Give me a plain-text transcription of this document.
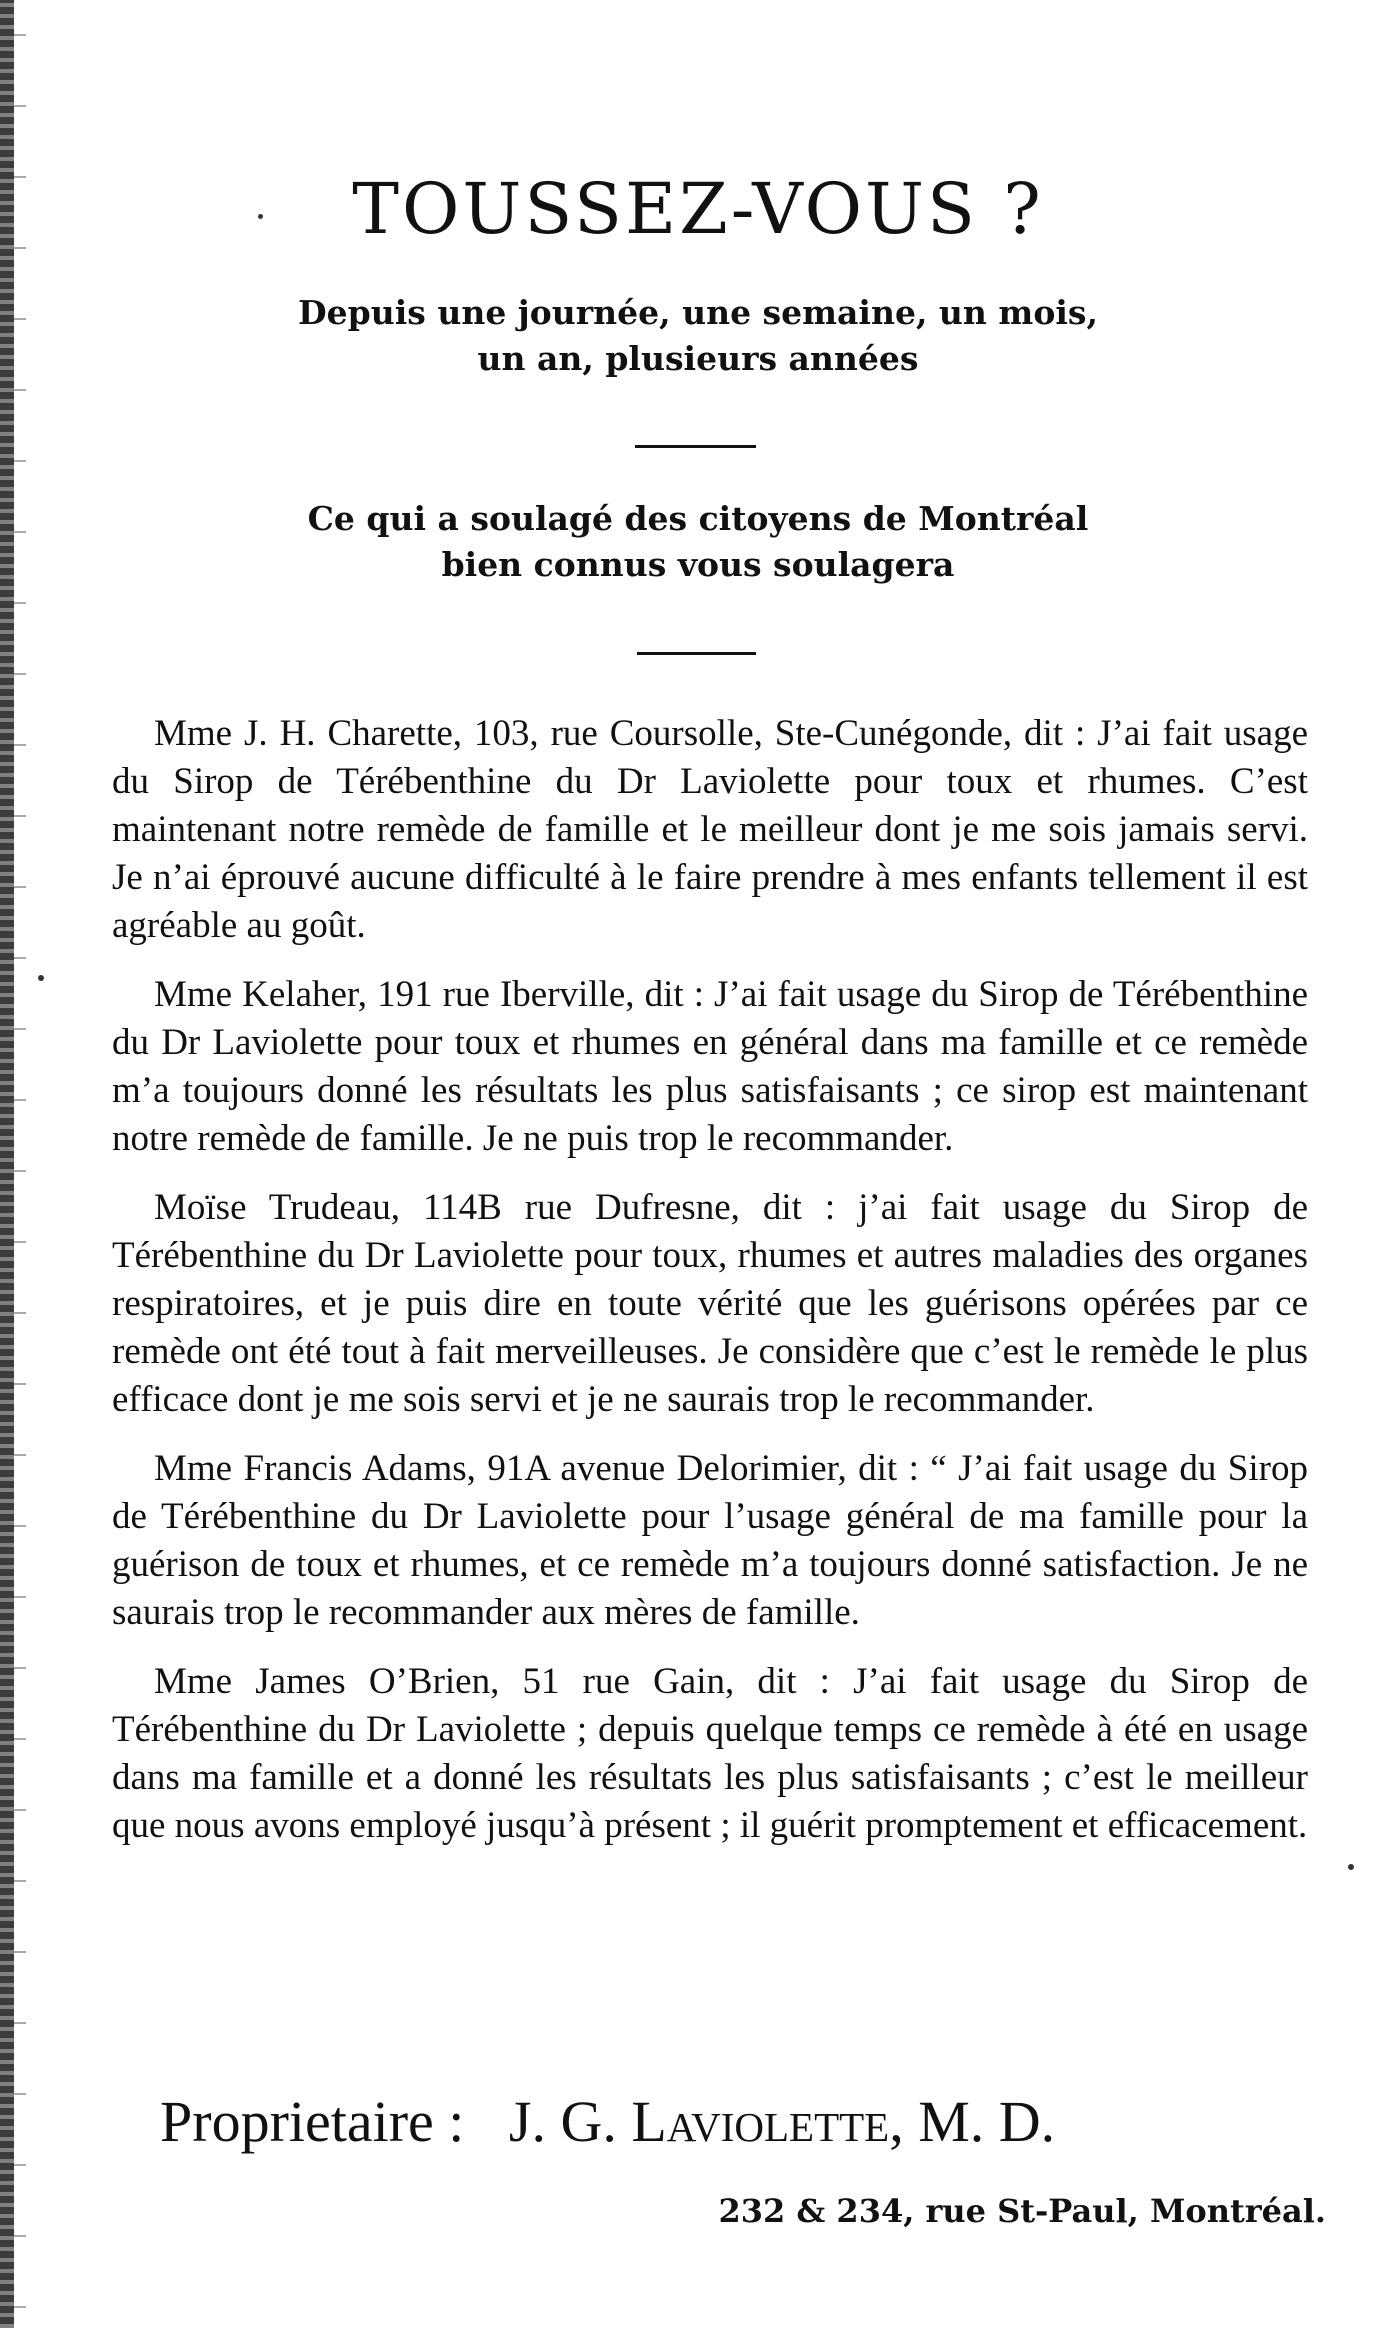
TOUSSEZ-VOUS ?
Depuis une journée, une semaine, un mois,
un an, plusieurs années
Ce qui a soulagé des citoyens de Montréal
bien connus vous soulagera

Mme J. H. Charette, 103, rue Coursolle, Ste-Cunégonde, dit : J’ai fait usage du Sirop de Térébenthine du Dr Laviolette pour toux et rhumes. C’est maintenant notre remède de famille et le meilleur dont je me sois jamais servi. Je n’ai éprouvé aucune difficulté à le faire prendre à mes enfants tellement il est agréable au goût.

Mme Kelaher, 191 rue Iberville, dit : J’ai fait usage du Sirop de Térébenthine du Dr Laviolette pour toux et rhumes en général dans ma famille et ce remède m’a toujours donné les résultats les plus satisfaisants ; ce sirop est maintenant notre remède de famille. Je ne puis trop le recommander.

Moïse Trudeau, 114B rue Dufresne, dit : j’ai fait usage du Sirop de Térébenthine du Dr Laviolette pour toux, rhumes et autres maladies des organes respiratoires, et je puis dire en toute vérité que les guérisons opérées par ce remède ont été tout à fait merveilleuses. Je considère que c’est le remède le plus efficace dont je me sois servi et je ne saurais trop le recommander.

Mme Francis Adams, 91A avenue Delorimier, dit : “ J’ai fait usage du Sirop de Térébenthine du Dr Laviolette pour l’usage général de ma famille pour la guérison de toux et rhumes, et ce remède m’a toujours donné satisfaction. Je ne saurais trop le recommander aux mères de famille.

Mme James O’Brien, 51 rue Gain, dit : J’ai fait usage du Sirop de Térébenthine du Dr Laviolette ; depuis quelque temps ce remède à été en usage dans ma famille et a donné les résultats les plus satisfaisants ; c’est le meilleur que nous avons employé jusqu’à présent ; il guérit promptement et efficacement.

Proprietaire : J. G. Laviolette, M. D.
232 & 234, rue St-Paul, Montréal.
